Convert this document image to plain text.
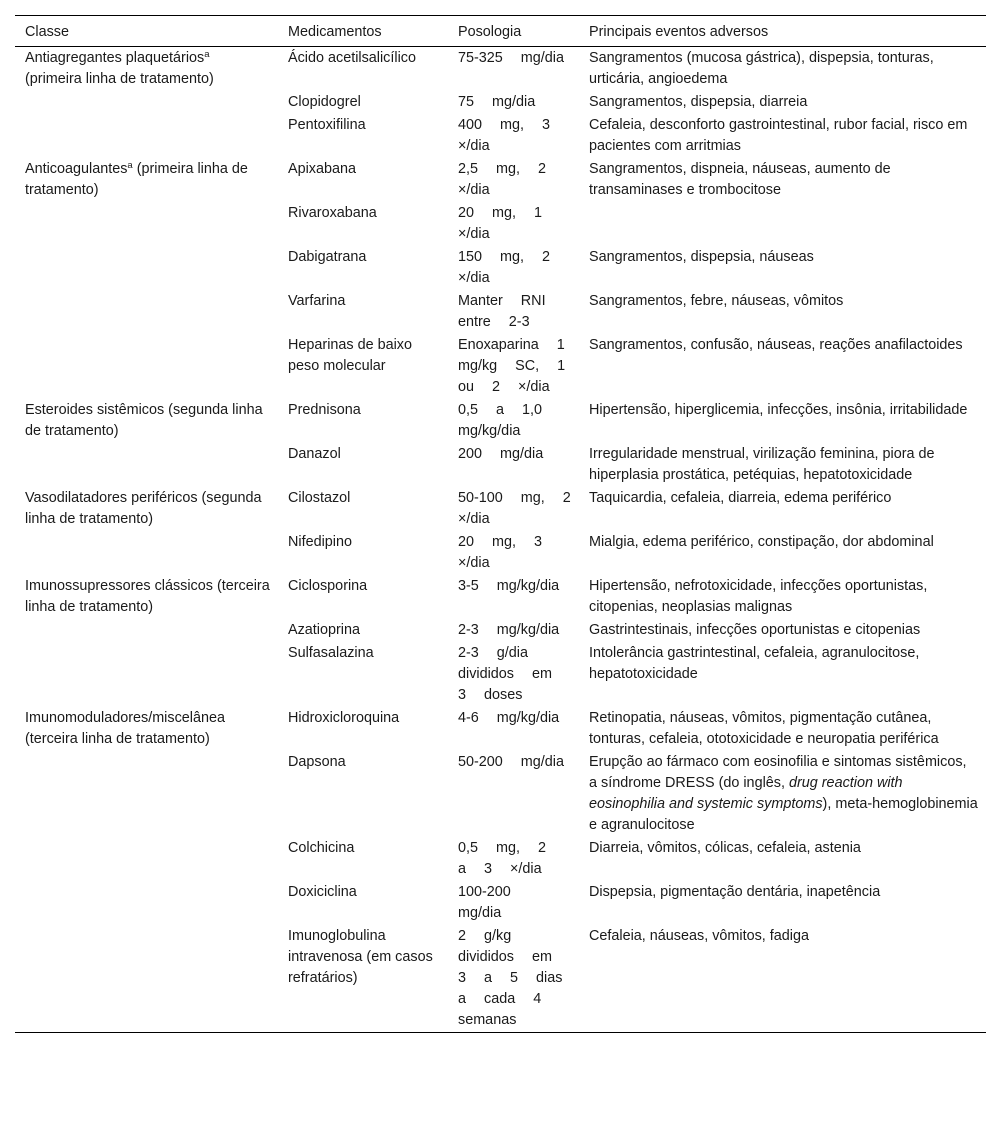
Classe	Medicamentos	Posologia	Principais eventos adversos
Antiagregantes plaquetários$^a$ (primeira linha de tratamento)	Ácido acetilsalicílico	75-325 mg/dia	Sangramentos (mucosa gástrica), dispepsia, tonturas, urticária, angioedema
	Clopidogrel	75 mg/dia	Sangramentos, dispepsia, diarreia
	Pentoxifilina	400 mg, 3 ×/dia	Cefaleia, desconforto gastrointestinal, rubor facial, risco em pacientes com arritmias
Anticoagulantes$^a$ (primeira linha de tratamento)	Apixabana	2,5 mg, 2 ×/dia	Sangramentos, dispneia, náuseas, aumento de transaminases e trombocitose
	Rivaroxabana	20 mg, 1 ×/dia	
	Dabigatrana	150 mg, 2 ×/dia	Sangramentos, dispepsia, náuseas
	Varfarina	Manter RNI entre 2-3	Sangramentos, febre, náuseas, vômitos
	Heparinas de baixo peso molecular	Enoxaparina 1 mg/kg SC, 1 ou 2 ×/dia	Sangramentos, confusão, náuseas, reações anafilactoides
Esteroides sistêmicos (segunda linha de tratamento)	Prednisona	0,5 a 1,0 mg/kg/dia	Hipertensão, hiperglicemia, infecções, insônia, irritabilidade
	Danazol	200 mg/dia	Irregularidade menstrual, virilização feminina, piora de hiperplasia prostática, petéquias, hepatotoxicidade
Vasodilatadores periféricos (segunda linha de tratamento)	Cilostazol	50-100 mg, 2 ×/dia	Taquicardia, cefaleia, diarreia, edema periférico
	Nifedipino	20 mg, 3 ×/dia	Mialgia, edema periférico, constipação, dor abdominal
Imunossupressores clássicos (terceira linha de tratamento)	Ciclosporina	3-5 mg/kg/dia	Hipertensão, nefrotoxicidade, infecções oportunistas, citopenias, neoplasias malignas
	Azatioprina	2-3 mg/kg/dia	Gastrintestinais, infecções oportunistas e citopenias
	Sulfasalazina	2-3 g/dia divididos em 3 doses	Intolerância gastrintestinal, cefaleia, agranulocitose, hepatotoxicidade
Imunomoduladores/miscelânea (terceira linha de tratamento)	Hidroxicloroquina	4-6 mg/kg/dia	Retinopatia, náuseas, vômitos, pigmentação cutânea, tonturas, cefaleia, ototoxicidade e neuropatia periférica
	Dapsona	50-200 mg/dia	Erupção ao fármaco com eosinofilia e sintomas sistêmicos, a síndrome DRESS (do inglês, drug reaction with eosinophilia and systemic symptoms), meta-hemoglobinemia e agranulocitose
	Colchicina	0,5 mg, 2 a 3 ×/dia	Diarreia, vômitos, cólicas, cefaleia, astenia
	Doxiciclina	100-200 mg/dia	Dispepsia, pigmentação dentária, inapetência
	Imunoglobulina intravenosa (em casos refratários)	2 g/kg divididos em 3 a 5 dias a cada 4 semanas	Cefaleia, náuseas, vômitos, fadiga
